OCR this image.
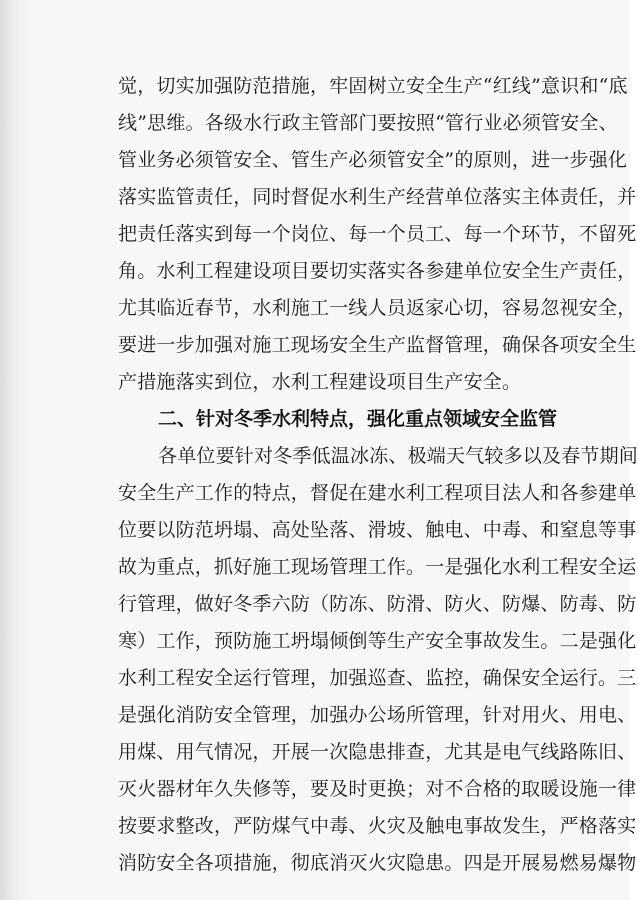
觉，切实加强防范措施，牢固树立安全生产“红线”意识和“底
线”思维。各级水行政主管部门要按照“管行业必须管安全、
管业务必须管安全、管生产必须管安全”的原则，进一步强化
落实监管责任，同时督促水利生产经营单位落实主体责任，并
把责任落实到每一个岗位、每一个员工、每一个环节，不留死
角。水利工程建设项目要切实落实各参建单位安全生产责任，
尤其临近春节，水利施工一线人员返家心切，容易忽视安全，
要进一步加强对施工现场安全生产监督管理，确保各项安全生
产措施落实到位，水利工程建设项目生产安全。
二、针对冬季水利特点，强化重点领域安全监管
各单位要针对冬季低温冰冻、极端天气较多以及春节期间
安全生产工作的特点，督促在建水利工程项目法人和各参建单
位要以防范坍塌、高处坠落、滑坡、触电、中毒、和窒息等事
故为重点，抓好施工现场管理工作。一是强化水利工程安全运
行管理，做好冬季六防（防冻、防滑、防火、防爆、防毒、防
寒）工作，预防施工坍塌倾倒等生产安全事故发生。二是强化
水利工程安全运行管理，加强巡查、监控，确保安全运行。三
是强化消防安全管理，加强办公场所管理，针对用火、用电、
用煤、用气情况，开展一次隐患排查，尤其是电气线路陈旧、
灭火器材年久失修等，要及时更换；对不合格的取暖设施一律
按要求整改，严防煤气中毒、火灾及触电事故发生，严格落实
消防安全各项措施，彻底消灭火灾隐患。四是开展易燃易爆物
